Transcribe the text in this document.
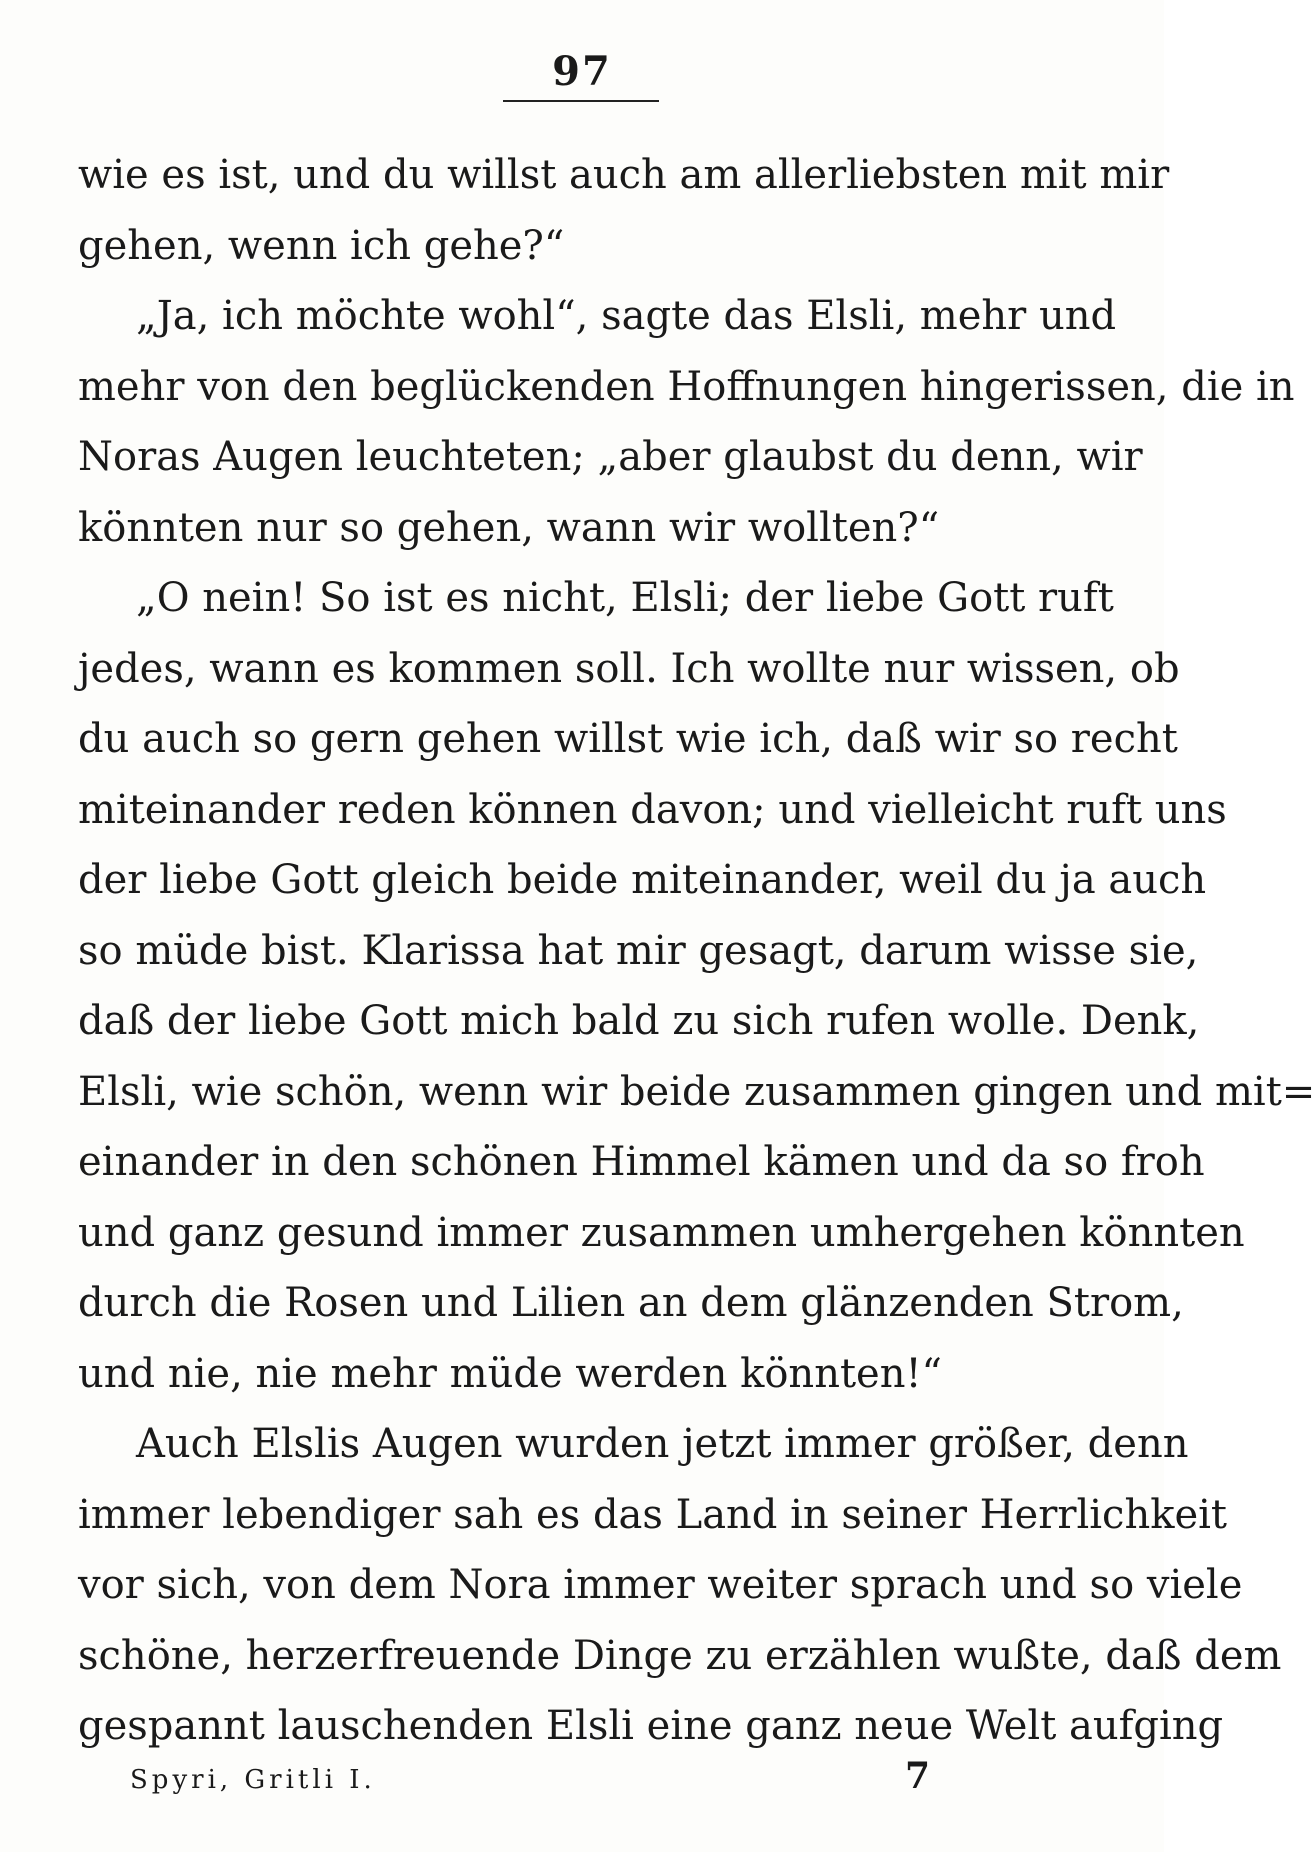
97
wie es ist, und du willst auch am allerliebsten mit mir
gehen, wenn ich gehe?“
„Ja, ich möchte wohl“, sagte das Elsli, mehr und
mehr von den beglückenden Hoffnungen hingerissen, die in
Noras Augen leuchteten; „aber glaubst du denn, wir
könnten nur so gehen, wann wir wollten?“
„O nein! So ist es nicht, Elsli; der liebe Gott ruft
jedes, wann es kommen soll. Ich wollte nur wissen, ob
du auch so gern gehen willst wie ich, daß wir so recht
miteinander reden können davon; und vielleicht ruft uns
der liebe Gott gleich beide miteinander, weil du ja auch
so müde bist. Klarissa hat mir gesagt, darum wisse sie,
daß der liebe Gott mich bald zu sich rufen wolle. Denk,
Elsli, wie schön, wenn wir beide zusammen gingen und mit=
einander in den schönen Himmel kämen und da so froh
und ganz gesund immer zusammen umhergehen könnten
durch die Rosen und Lilien an dem glänzenden Strom,
und nie, nie mehr müde werden könnten!“
Auch Elslis Augen wurden jetzt immer größer, denn
immer lebendiger sah es das Land in seiner Herrlichkeit
vor sich, von dem Nora immer weiter sprach und so viele
schöne, herzerfreuende Dinge zu erzählen wußte, daß dem
gespannt lauschenden Elsli eine ganz neue Welt aufging
Spyri, Gritli I.	7
